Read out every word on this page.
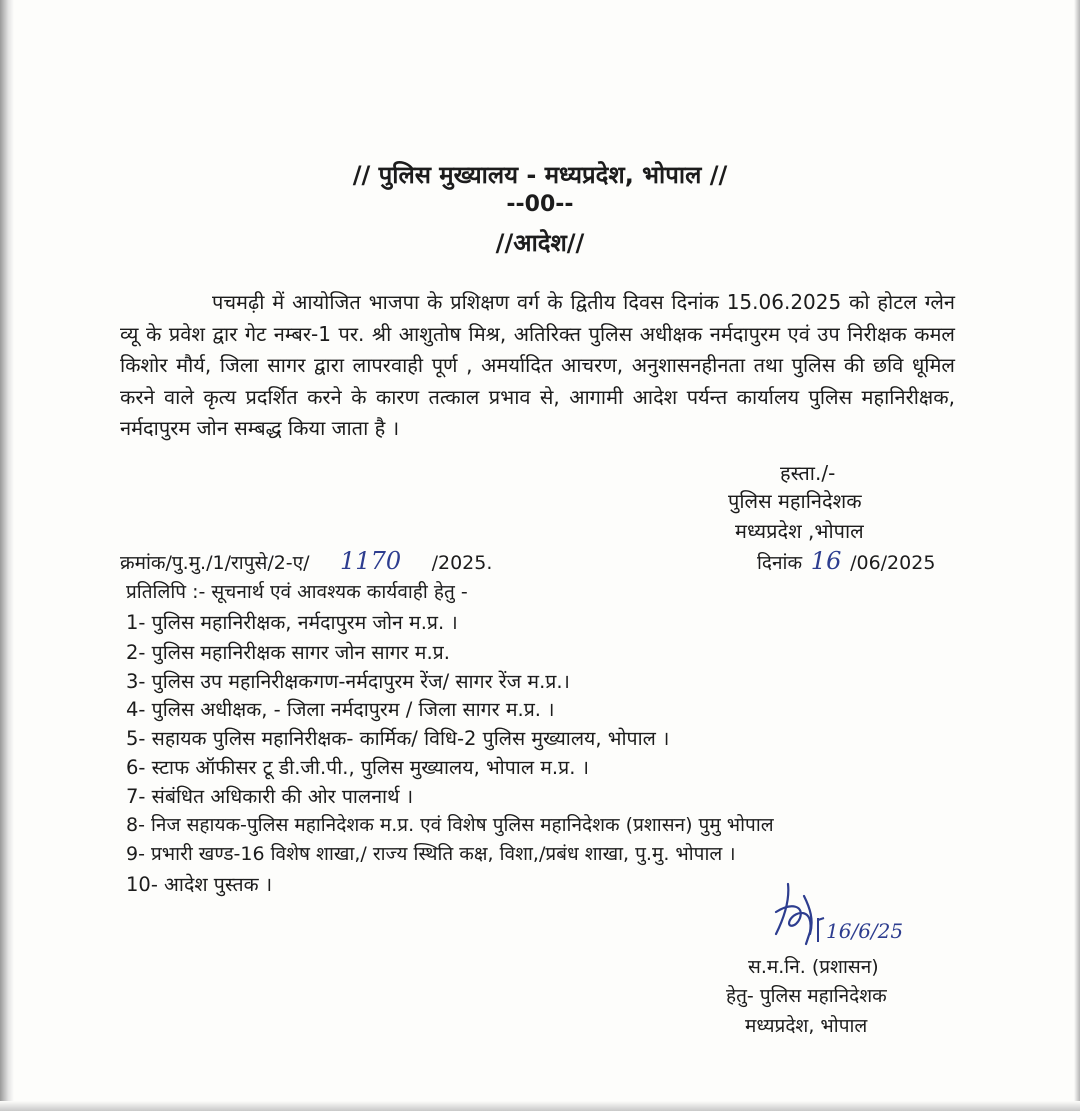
// पुलिस मुख्यालय - मध्यप्रदेश, भोपाल //
--00--
//आदेश//
पचमढ़ी में आयोजित भाजपा के प्रशिक्षण वर्ग के द्वितीय दिवस दिनांक 15.06.2025 को होटल ग्लेन व्यू के प्रवेश द्वार गेट नम्बर-1 पर. श्री आशुतोष मिश्र, अतिरिक्त पुलिस अधीक्षक नर्मदापुरम एवं उप निरीक्षक कमल किशोर मौर्य, जिला सागर द्वारा लापरवाही पूर्ण , अमर्यादित आचरण, अनुशासनहीनता तथा पुलिस की छवि धूमिल करने वाले कृत्य प्रदर्शित करने के कारण तत्काल प्रभाव से, आगामी आदेश पर्यन्त कार्यालय पुलिस महानिरीक्षक, नर्मदापुरम जोन सम्बद्ध किया जाता है ।
हस्ता./-
पुलिस महानिदेशक
मध्यप्रदेश ,भोपाल
क्रमांक/पु.मु./1/रापुसे/2-ए/ 1170 /2025.	दिनांक 16 /06/2025
प्रतिलिपि :- सूचनार्थ एवं आवश्यक कार्यवाही हेतु -
1- पुलिस महानिरीक्षक, नर्मदापुरम जोन म.प्र. ।
2- पुलिस महानिरीक्षक सागर जोन सागर म.प्र.
3- पुलिस उप महानिरीक्षकगण-नर्मदापुरम रेंज/ सागर रेंज म.प्र.।
4- पुलिस अधीक्षक, - जिला नर्मदापुरम / जिला सागर म.प्र. ।
5- सहायक पुलिस महानिरीक्षक- कार्मिक/ विधि-2 पुलिस मुख्यालय, भोपाल ।
6- स्टाफ ऑफीसर टू डी.जी.पी., पुलिस मुख्यालय, भोपाल म.प्र. ।
7- संबंधित अधिकारी की ओर पालनार्थ ।
8- निज सहायक-पुलिस महानिदेशक म.प्र. एवं विशेष पुलिस महानिदेशक (प्रशासन) पुमु भोपाल
9- प्रभारी खण्ड-16 विशेष शाखा,/ राज्य स्थिति कक्ष, विशा,/प्रबंध शाखा, पु.मु. भोपाल ।
10- आदेश पुस्तक ।
16/6/25
स.म.नि. (प्रशासन)
हेतु- पुलिस महानिदेशक
मध्यप्रदेश, भोपाल
